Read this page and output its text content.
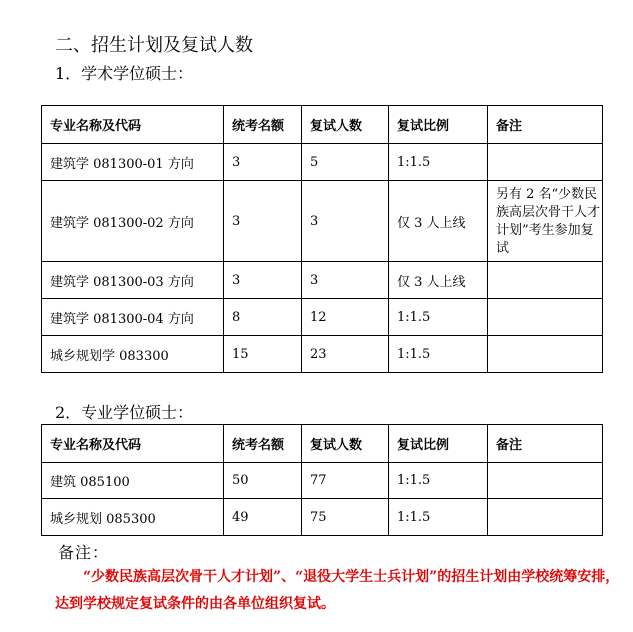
二、招生计划及复试人数
1．学术学位硕士：
专业名称及代码	统考名额	复试人数	复试比例	备注
建筑学 081300-01 方向	3	5	1:1.5	
建筑学 081300-02 方向	3	3	仅 3 人上线	另有 2 名“少数民族高层次骨干人才计划”考生参加复试
建筑学 081300-03 方向	3	3	仅 3 人上线	
建筑学 081300-04 方向	8	12	1:1.5	
城乡规划学 083300	15	23	1:1.5	
2．专业学位硕士：
专业名称及代码	统考名额	复试人数	复试比例	备注
建筑 085100	50	77	1:1.5	
城乡规划 085300	49	75	1:1.5	
备注：
“少数民族高层次骨干人才计划”、“退役大学生士兵计划”的招生计划由学校统筹安排，达到学校规定复试条件的由各单位组织复试。
